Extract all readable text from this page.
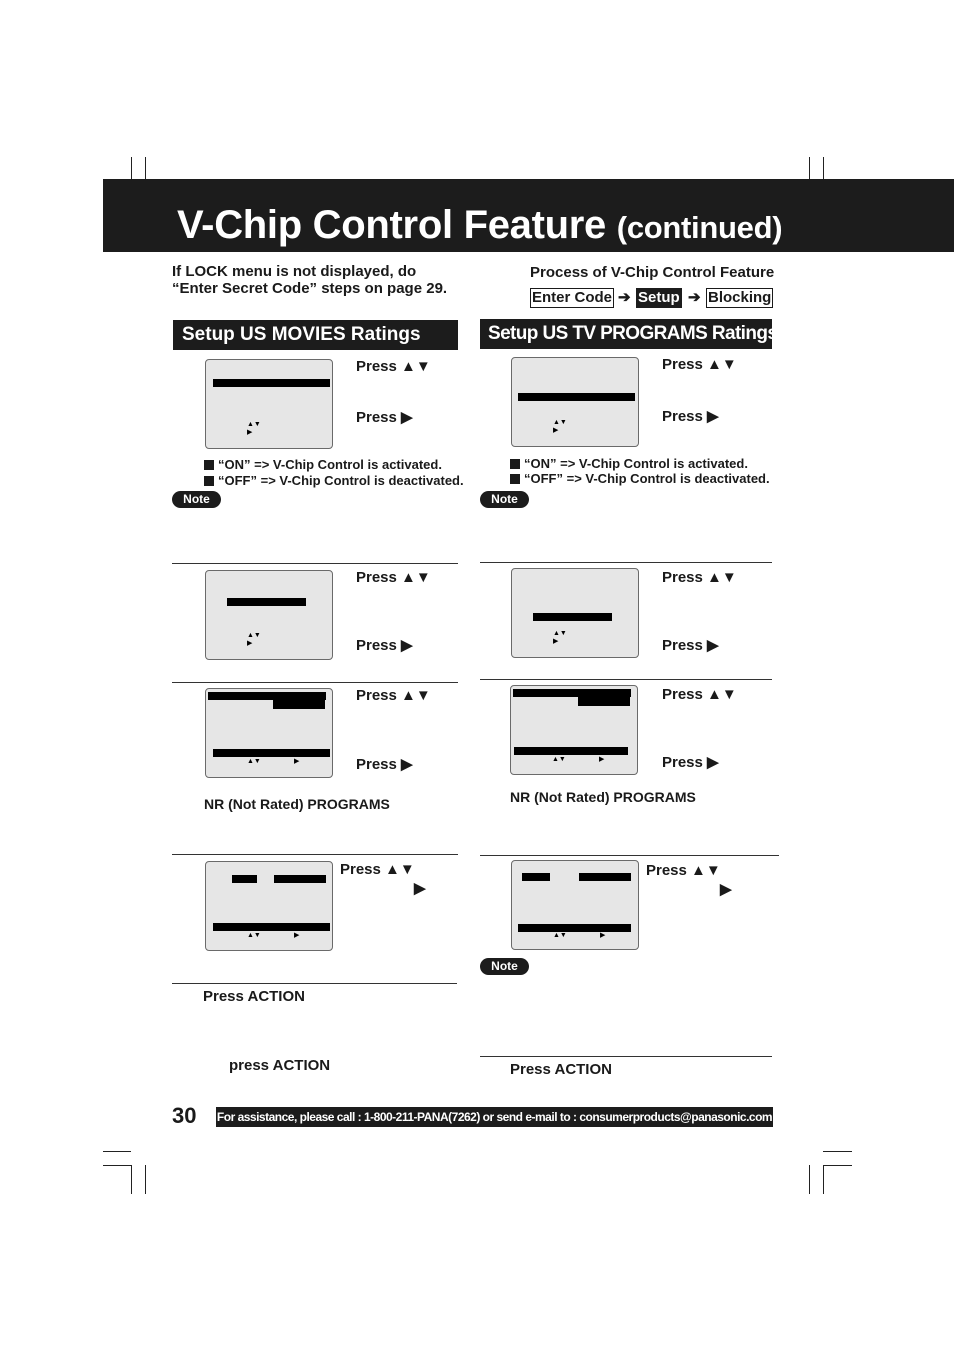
V-Chip Control Feature (continued)
If LOCK menu is not displayed, do
“Enter Secret Code” steps on page 29.
Process of V-Chip Control Feature
Enter Code ➔ Setup ➔ Blocking
Setup US MOVIES Ratings
▲▼
▶
Press ▲▼
Press ▶
“ON” => V-Chip Control is activated.
“OFF” => V-Chip Control is deactivated.
Note
▲▼
▶
Press ▲▼
Press ▶
▲▼	▶
Press ▲▼
Press ▶
NR (Not Rated) PROGRAMS
▲▼	▶
Press ▲▼
▶
Press ACTION
press ACTION
Setup US TV PROGRAMS Ratings
▲▼
▶
Press ▲▼
Press ▶
“ON” => V-Chip Control is activated.
“OFF” => V-Chip Control is deactivated.
Note
▲▼
▶
Press ▲▼
Press ▶
▲▼	▶
Press ▲▼
Press ▶
NR (Not Rated) PROGRAMS
▲▼	▶
Press ▲▼
▶
Note
Press ACTION
30 For assistance, please call : 1-800-211-PANA(7262) or send e-mail to : consumerproducts@panasonic.com
